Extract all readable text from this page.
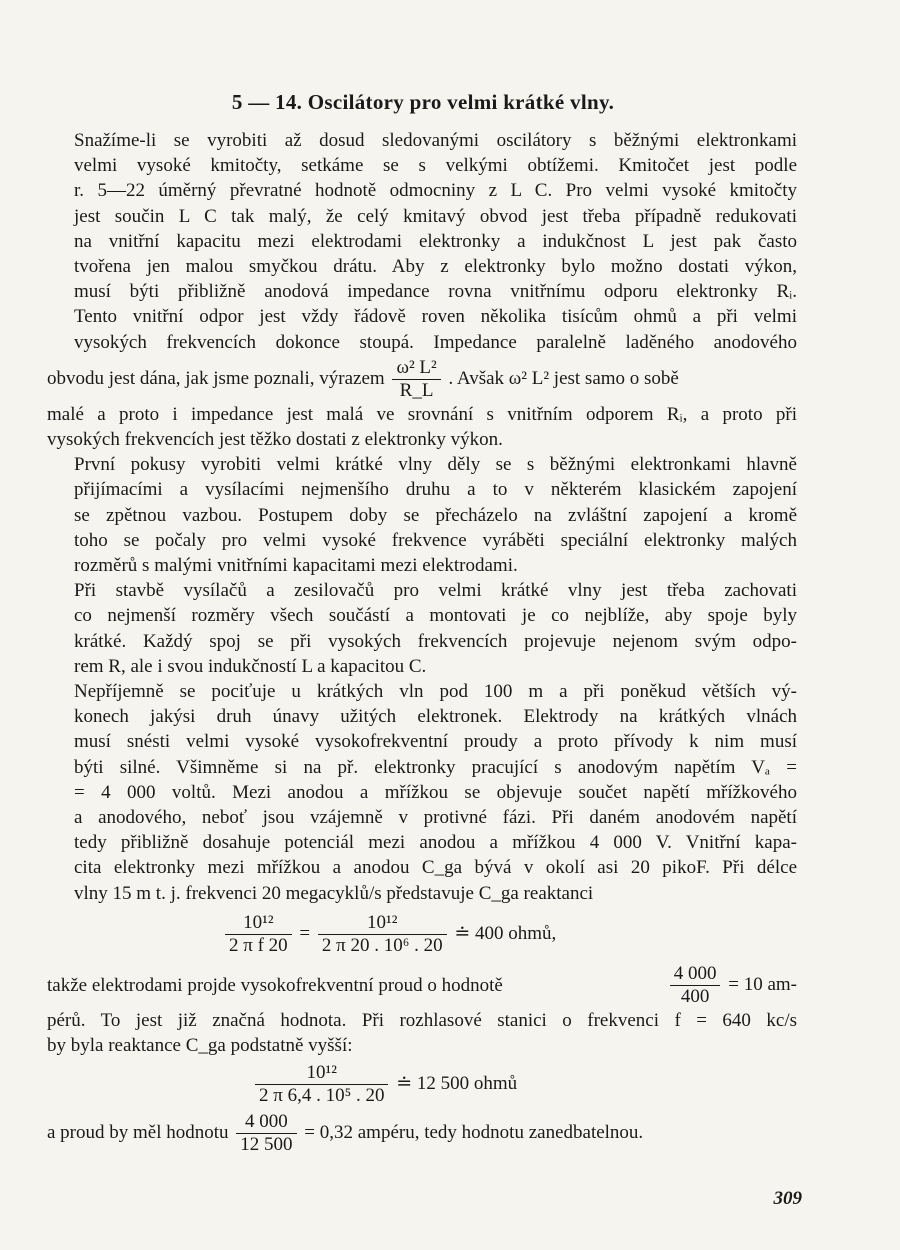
5 — 14. Oscilátory pro velmi krátké vlny.

Snažíme-li se vyrobiti až dosud sledovanými oscilátory s běžnými elektronkami
velmi vysoké kmitočty, setkáme se s velkými obtížemi. Kmitočet jest podle
r. 5—22 úměrný převratné hodnotě odmocniny z L C. Pro velmi vysoké kmitočty
jest součin L C tak malý, že celý kmitavý obvod jest třeba případně redukovati
na vnitřní kapacitu mezi elektrodami elektronky a indukčnost L jest pak často
tvořena jen malou smyčkou drátu. Aby z elektronky bylo možno dostati výkon,
musí býti přibližně anodová impedance rovna vnitřnímu odporu elektronky Rᵢ.
Tento vnitřní odpor jest vždy řádově roven několika tisícům ohmů a při velmi
vysokých frekvencích dokonce stoupá. Impedance paralelně laděného anodového

obvodu jest dána, jak jsme poznali, výrazem $\frac{\text{ω² L²}}{R\_L}$ . Avšak ω² L² jest samo o sobě

malé a proto i impedance jest malá ve srovnání s vnitřním odporem Rᵢ, a proto při
vysokých frekvencích jest těžko dostati z elektronky výkon.

První pokusy vyrobiti velmi krátké vlny děly se s běžnými elektronkami hlavně
přijímacími a vysílacími nejmenšího druhu a to v některém klasickém zapojení
se zpětnou vazbou. Postupem doby se přecházelo na zvláštní zapojení a kromě
toho se počaly pro velmi vysoké frekvence vyráběti speciální elektronky malých
rozměrů s malými vnitřními kapacitami mezi elektrodami.

Při stavbě vysílačů a zesilovačů pro velmi krátké vlny jest třeba zachovati
co nejmenší rozměry všech součástí a montovati je co nejblíže, aby spoje byly
krátké. Každý spoj se při vysokých frekvencích projevuje nejenom svým odpo-
rem R, ale i svou indukčností L a kapacitou C.

Nepříjemně se pociťuje u krátkých vln pod 100 m a při poněkud větších vý-
konech jakýsi druh únavy užitých elektronek. Elektrody na krátkých vlnách
musí snésti velmi vysoké vysokofrekventní proudy a proto přívody k nim musí
býti silné. Všimněme si na př. elektronky pracující s anodovým napětím Vₐ =
= 4 000 voltů. Mezi anodou a mřížkou se objevuje součet napětí mřížkového
a anodového, neboť jsou vzájemně v protivné fázi. Při daném anodovém napětí
tedy přibližně dosahuje potenciál mezi anodou a mřížkou 4 000 V. Vnitřní kapa-
cita elektronky mezi mřížkou a anodou C_ga bývá v okolí asi 20 pikoF. Při délce
vlny 15 m t. j. frekvenci 20 megacyklů/s představuje C_ga reaktanci

$\frac{\text{10¹²}}{\text{2 π f 20}} = \frac{\text{10¹²}}{\text{2 π 20 . 10⁶ . 20}}$ ≐ 400 ohmů,
takže elektrodami projde vysokofrekventní proud o hodnotě	$\frac{4 000}{400} = 10$ am-

pérů. To jest již značná hodnota. Při rozhlasové stanici o frekvenci f = 640 kc/s
by byla reaktance C_ga podstatně vyšší:

$\frac{\text{10¹²}}{\text{2 π 6,4 . 10⁵ . 20}}$ ≐ 12 500 ohmů
a proud by měl hodnotu $\frac{4 000}{12 500} = 0,32$ ampéru, tedy hodnotu zanedbatelnou.
309
